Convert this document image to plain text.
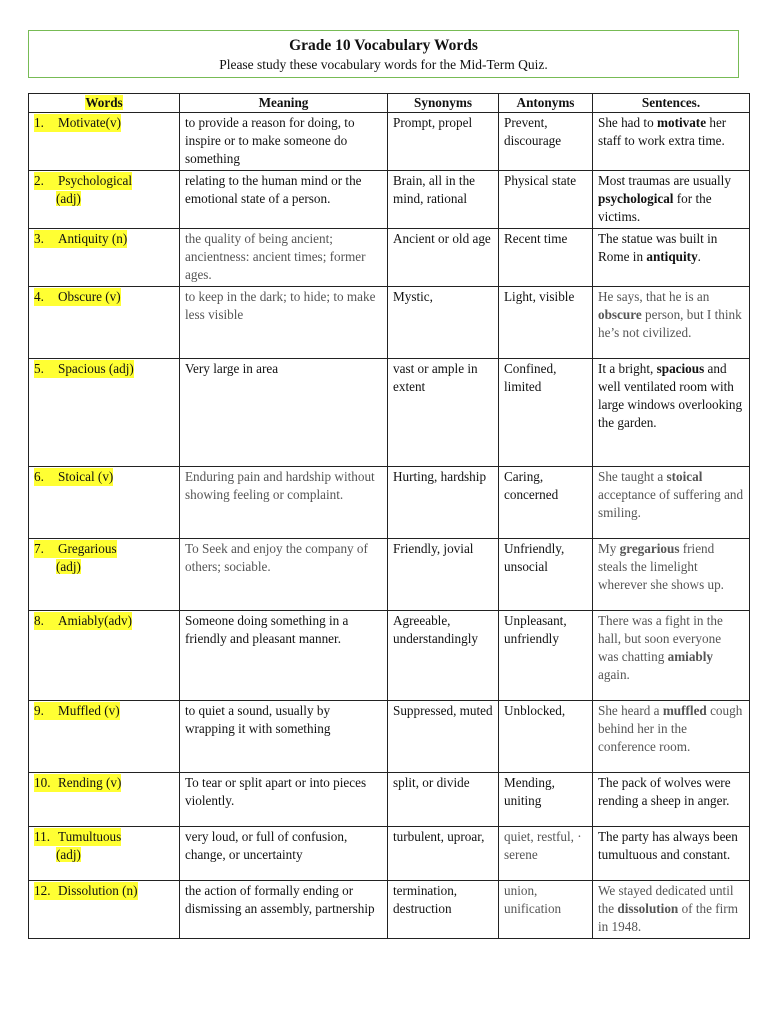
Grade 10 Vocabulary Words
Please study these vocabulary words for the Mid-Term Quiz.
Words	Meaning	Synonyms	Antonyms	Sentences.

1. Motivate(v)	to provide a reason for doing, to inspire or to make someone do something	Prompt, propel	Prevent, discourage	She had to motivate her staff to work extra time.

2. Psychological
(adj)	relating to the human mind or the emotional state of a person.	Brain, all in the mind, rational	Physical state	Most traumas are usually psychological for the victims.

3. Antiquity (n)	the quality of being ancient; ancientness: ancient times; former ages.	Ancient or old age	Recent time	The statue was built in Rome in antiquity.

4. Obscure (v)	to keep in the dark; to hide; to make less visible	Mystic,	Light, visible	He says, that he is an obscure person, but I think he’s not civilized.

5. Spacious (adj)	Very large in area	vast or ample in extent	Confined, limited	It a bright, spacious and well ventilated room with large windows overlooking the garden.

6. Stoical (v)	Enduring pain and hardship without showing feeling or complaint.	Hurting, hardship	Caring, concerned	She taught a stoical acceptance of suffering and smiling.

7. Gregarious
(adj)	To Seek and enjoy the company of others; sociable.	Friendly, jovial	Unfriendly, unsocial	My gregarious friend steals the limelight wherever she shows up.

8. Amiably(adv)	Someone doing something in a friendly and pleasant manner.	Agreeable, understandingly	Unpleasant, unfriendly	There was a fight in the hall, but soon everyone was chatting amiably again.

9. Muffled (v)	to quiet a sound, usually by wrapping it with something	Suppressed, muted	Unblocked,	She heard a muffled cough behind her in the conference room.

10. Rending (v)	To tear or split apart or into pieces violently.	split, or divide	Mending, uniting	The pack of wolves were rending a sheep in anger.

11. Tumultuous
(adj)	very loud, or full of confusion, change, or uncertainty	turbulent, uproar,	quiet, restful, · serene	The party has always been tumultuous and constant.

12. Dissolution (n)	the action of formally ending or dismissing an assembly, partnership	termination, destruction	union, unification	We stayed dedicated until the dissolution of the firm in 1948.
